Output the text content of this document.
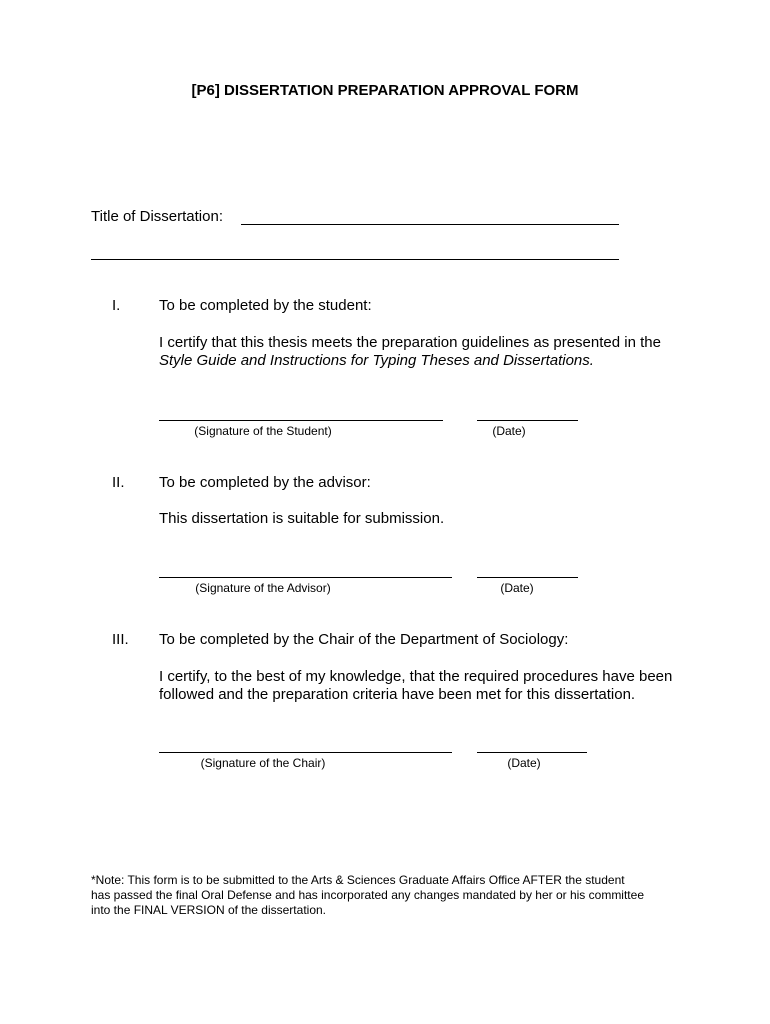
[P6] DISSERTATION PREPARATION APPROVAL FORM
Title of Dissertation:
I.	To be completed by the student:
I certify that this thesis meets the preparation guidelines as presented in the
Style Guide and Instructions for Typing Theses and Dissertations.
(Signature of the Student)	(Date)
II. To be completed by the advisor:
This dissertation is suitable for submission.
(Signature of the Advisor)	(Date)
III. To be completed by the Chair of the Department of Sociology:
I certify, to the best of my knowledge, that the required procedures have been
followed and the preparation criteria have been met for this dissertation.
(Signature of the Chair)	(Date)
*Note: This form is to be submitted to the Arts & Sciences Graduate Affairs Office AFTER the student
has passed the final Oral Defense and has incorporated any changes mandated by her or his committee
into the FINAL VERSION of the dissertation.
